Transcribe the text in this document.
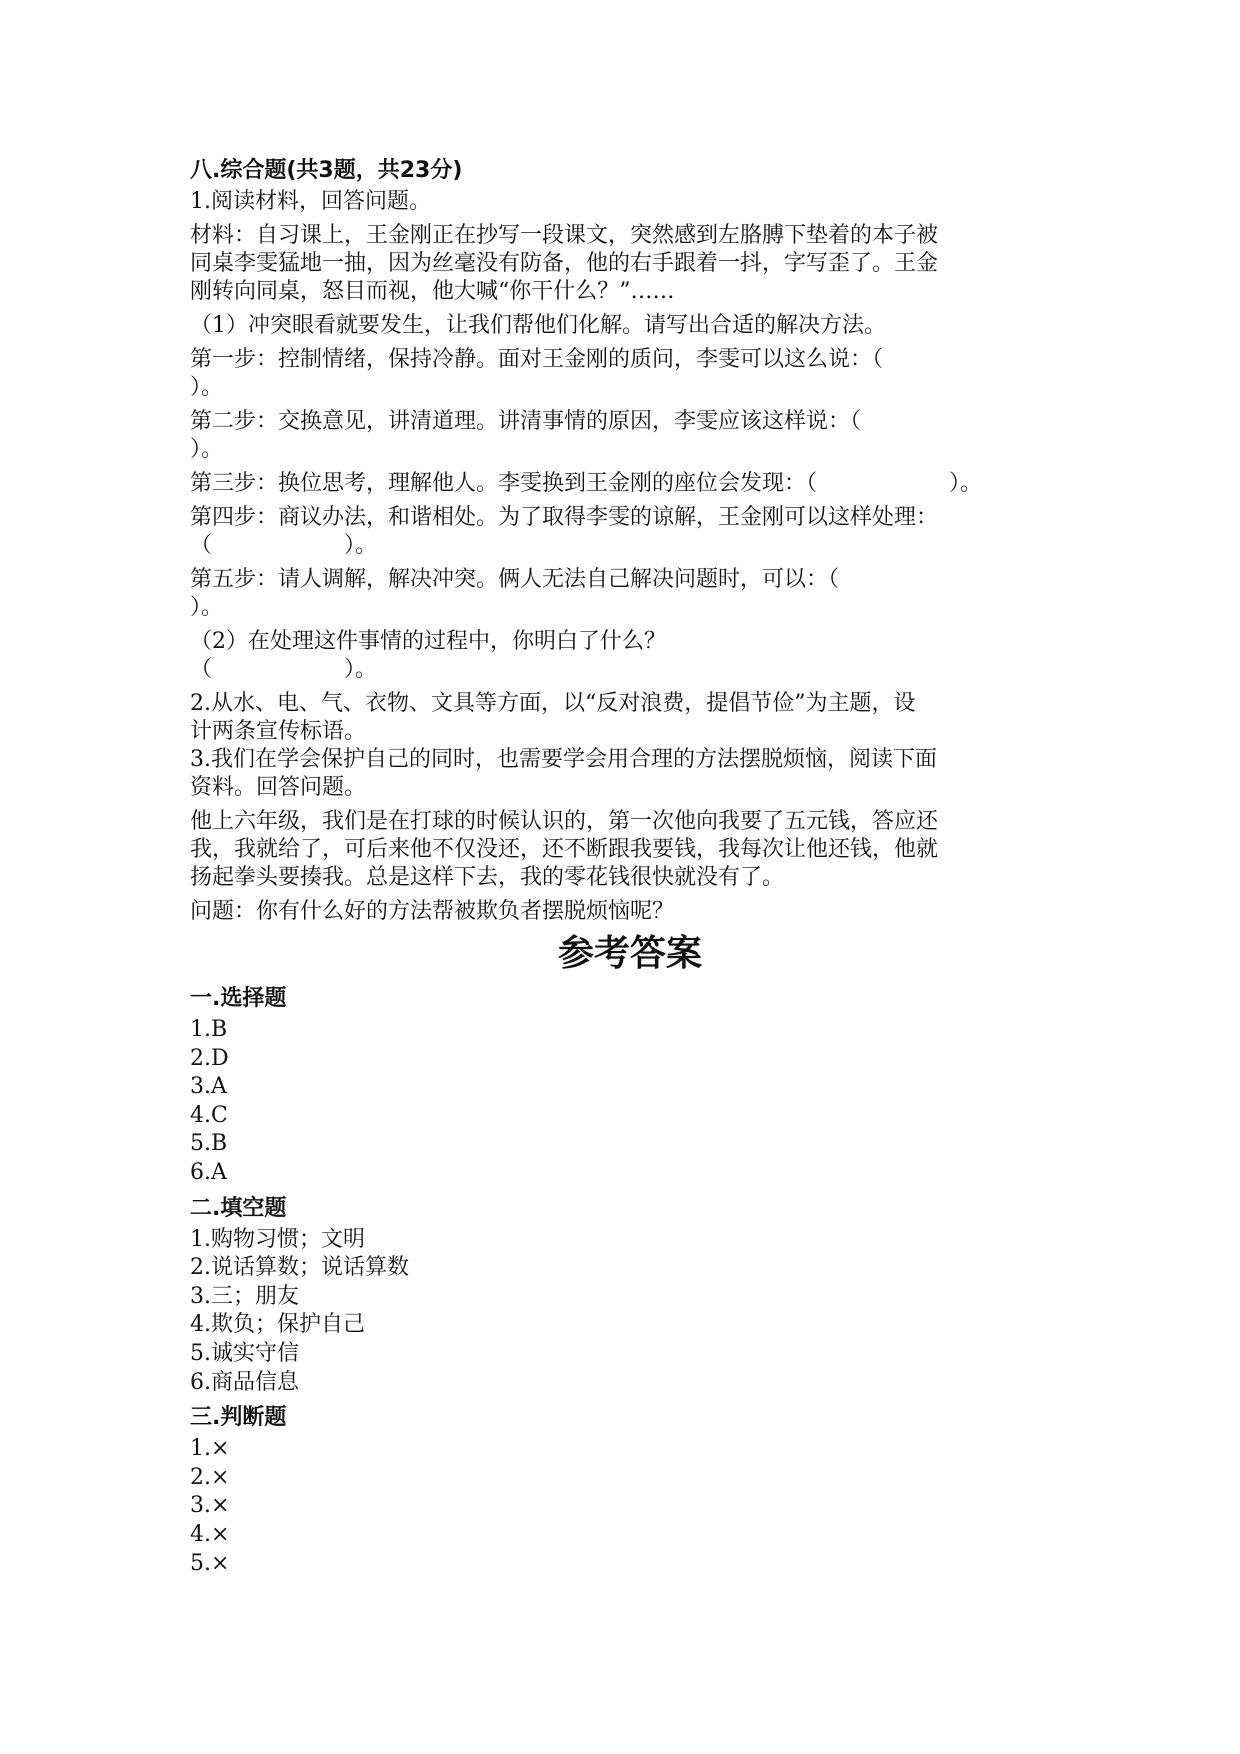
八.综合题(共3题，共23分)

1.阅读材料，回答问题。

材料：自习课上，王金刚正在抄写一段课文，突然感到左胳膊下垫着的本子被

同桌李雯猛地一抽，因为丝毫没有防备，他的右手跟着一抖，字写歪了。王金

刚转向同桌，怒目而视，他大喊“你干什么？”……

（1）冲突眼看就要发生，让我们帮他们化解。请写出合适的解决方法。

第一步：控制情绪，保持冷静。面对王金刚的质问，李雯可以这么说：（

）。

第二步：交换意见，讲清道理。讲清事情的原因，李雯应该这样说：（

）。

第三步：换位思考，理解他人。李雯换到王金刚的座位会发现：（　　　　　　）。

第四步：商议办法，和谐相处。为了取得李雯的谅解，王金刚可以这样处理：

（　　　　　　）。

第五步：请人调解，解决冲突。俩人无法自己解决问题时，可以：（

）。

（2）在处理这件事情的过程中，你明白了什么？

（　　　　　　）。

2.从水、电、气、衣物、文具等方面，以“反对浪费，提倡节俭”为主题，设

计两条宣传标语。

3.我们在学会保护自己的同时，也需要学会用合理的方法摆脱烦恼，阅读下面

资料。回答问题。

他上六年级，我们是在打球的时候认识的，第一次他向我要了五元钱，答应还

我，我就给了，可后来他不仅没还，还不断跟我要钱，我每次让他还钱，他就

扬起拳头要揍我。总是这样下去，我的零花钱很快就没有了。

问题：你有什么好的方法帮被欺负者摆脱烦恼呢？

参考答案
一.选择题

1.B

2.D

3.A

4.C

5.B

6.A

二.填空题

1.购物习惯；文明

2.说话算数；说话算数

3.三；朋友

4.欺负；保护自己

5.诚实守信

6.商品信息

三.判断题

1.×

2.×

3.×

4.×

5.×
